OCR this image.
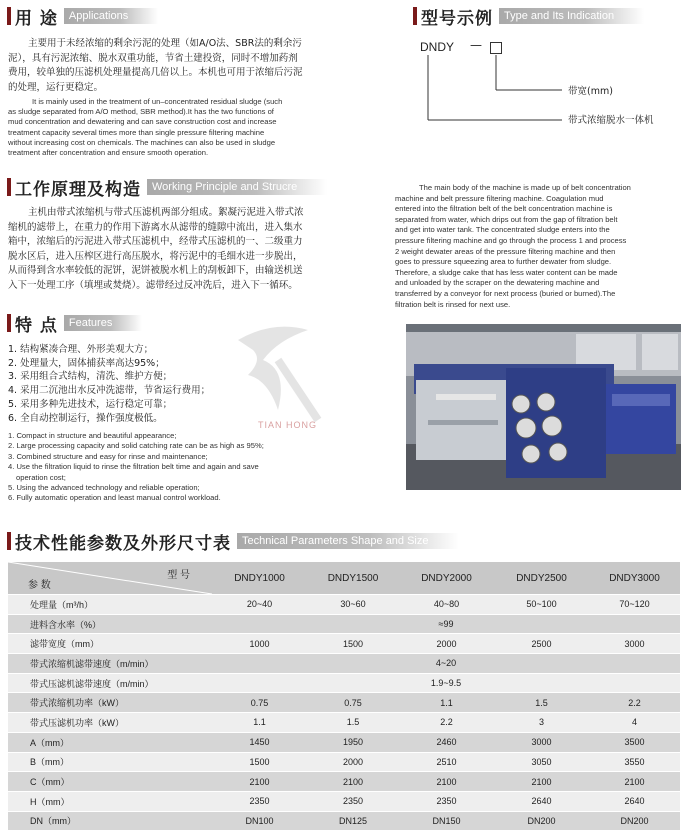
用 途	Applications
主要用于未经浓缩的剩余污泥的处理（如A/O法、SBR法的剩余污
泥），具有污泥浓缩、脱水双重功能，节省土建投资，同时不增加药剂
费用，较单独的压滤机处理量提高几倍以上。本机也可用于浓缩后污泥
的处理，运行更稳定。
It is mainly used in the treatment of un–concentrated residual sludge (such
as sludge separated from A/O method, SBR method).It has the two functions of
mud concentration and dewatering and can save construction cost and increase
treatment capacity several times more than single pressure filtering machine
without increasing cost on chemicals. The machines can also be used in sludge
treatment after concentration and ensure smooth operation.
型号示例	Type and Its Indication
DNDY —
带宽(mm)
带式浓缩脱水一体机
工作原理及构造	Working Principle and Strucre
主机由带式浓缩机与带式压滤机两部分组成。絮凝污泥进入带式浓
缩机的滤带上，在重力的作用下游离水从滤带的缝隙中流出，进入集水
箱中，浓缩后的污泥进入带式压滤机中，经带式压滤机的一、二级重力
脱水区后，进入压榨区进行高压脱水，将污泥中的毛细水进一步脱出，
从而得到含水率较低的泥饼，泥饼被脱水机上的刮板卸下，由输送机送
入下一处理工序（填埋或焚烧）。滤带经过反冲洗后，进入下一循环。
The main body of the machine is made up of belt concentration
machine and belt pressure filtering machine. Coagulation mud
entered into the filtration belt of the belt concentration machine is
separated from water, which drips out from the gap of filtration belt
and get into water tank. The concentrated sludge enters into the
pressure filtering machine and go through the process 1 and process
2 weight dewater areas of the pressure filtering machine and then
goes to pressure squeezing area to further dewater from sludge.
Therefore, a sludge cake that has less water content can be made
and unloaded by the scraper on the dewatering machine and
transferred by a conveyor for next process (buried or burned).The
filtration belt is rinsed for next use.
特 点	Features
1. 结构紧凑合理、外形美观大方；
2. 处理量大，固体捕获率高达95%；
3. 采用组合式结构，清洗、维护方便；
4. 采用二沉池出水反冲洗滤带，节省运行费用；
5. 采用多种先进技术，运行稳定可靠；
6. 全自动控制运行，操作强度极低。
1. Compact in structure and beautiful appearance;
2. Large processing capacity and solid catching rate can be as high as 95%;
3. Combined structure and easy for rinse and maintenance;
4. Use the filtration liquid to rinse the filtration belt time and again and save
operation cost;
5. Using the advanced technology and reliable operation;
6. Fully automatic operation and least manual control workload.
TIAN HONG
技术性能参数及外形尺寸表	Technical Parameters Shape and Size
型 号
参 数	DNDY1000	DNDY1500	DNDY2000	DNDY2500	DNDY3000
处理量（m³/h）	20~40	30~60	40~80	50~100	70~120
进料含水率（%）	≈99				
滤带宽度（mm）	1000	1500	2000	2500	3000
带式浓缩机滤带速度（m/min）	4~20				
带式压滤机滤带速度（m/min）	1.9~9.5				
带式浓缩机功率（kW）	0.75	0.75	1.1	1.5	2.2
带式压滤机功率（kW）	1.1	1.5	2.2	3	4
A（mm）	1450	1950	2460	3000	3500
B（mm）	1500	2000	2510	3050	3550
C（mm）	2100	2100	2100	2100	2100
H（mm）	2350	2350	2350	2640	2640
DN（mm）	DN100	DN125	DN150	DN200	DN200
